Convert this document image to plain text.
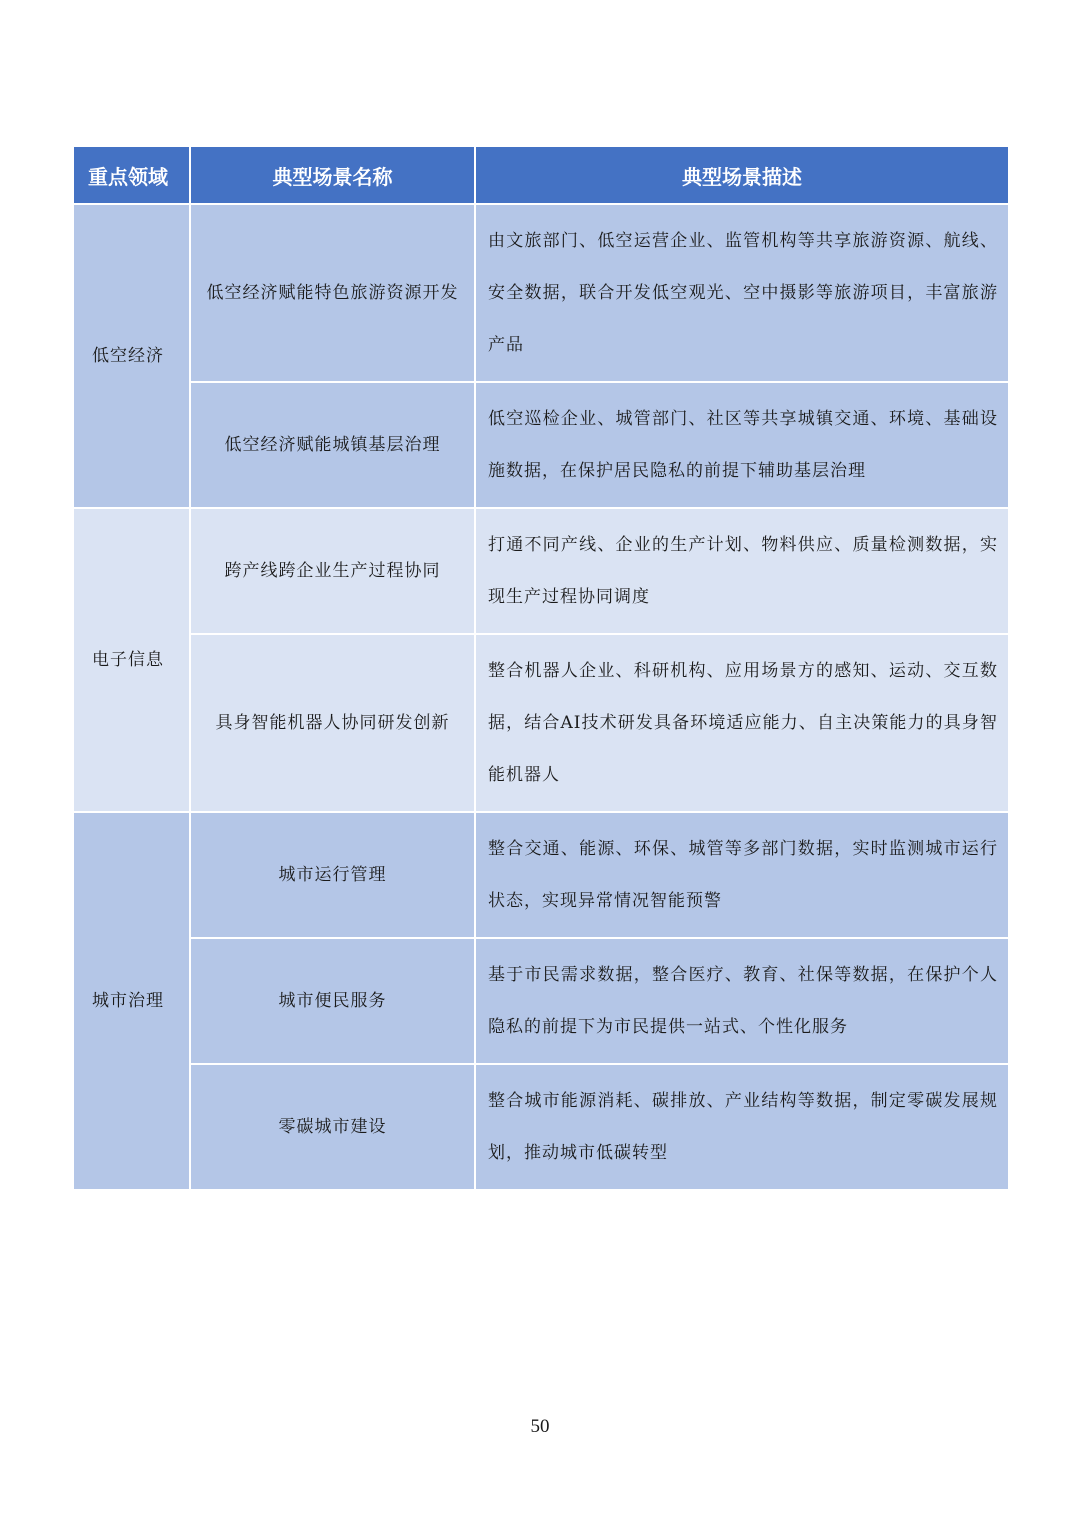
重点领域	典型场景名称	典型场景描述
低空经济	低空经济赋能特色旅游资源开发	由文旅部门、低空运营企业、监管机构等共享旅游资源、航线、安全数据，联合开发低空观光、空中摄影等旅游项目，丰富旅游产品
	低空经济赋能城镇基层治理	低空巡检企业、城管部门、社区等共享城镇交通、环境、基础设施数据，在保护居民隐私的前提下辅助基层治理
电子信息	跨产线跨企业生产过程协同	打通不同产线、企业的生产计划、物料供应、质量检测数据，实现生产过程协同调度
	具身智能机器人协同研发创新	整合机器人企业、科研机构、应用场景方的感知、运动、交互数据，结合AI技术研发具备环境适应能力、自主决策能力的具身智能机器人
城市治理	城市运行管理	整合交通、能源、环保、城管等多部门数据，实时监测城市运行状态，实现异常情况智能预警
	城市便民服务	基于市民需求数据，整合医疗、教育、社保等数据，在保护个人隐私的前提下为市民提供一站式、个性化服务
	零碳城市建设	整合城市能源消耗、碳排放、产业结构等数据，制定零碳发展规划，推动城市低碳转型
50
